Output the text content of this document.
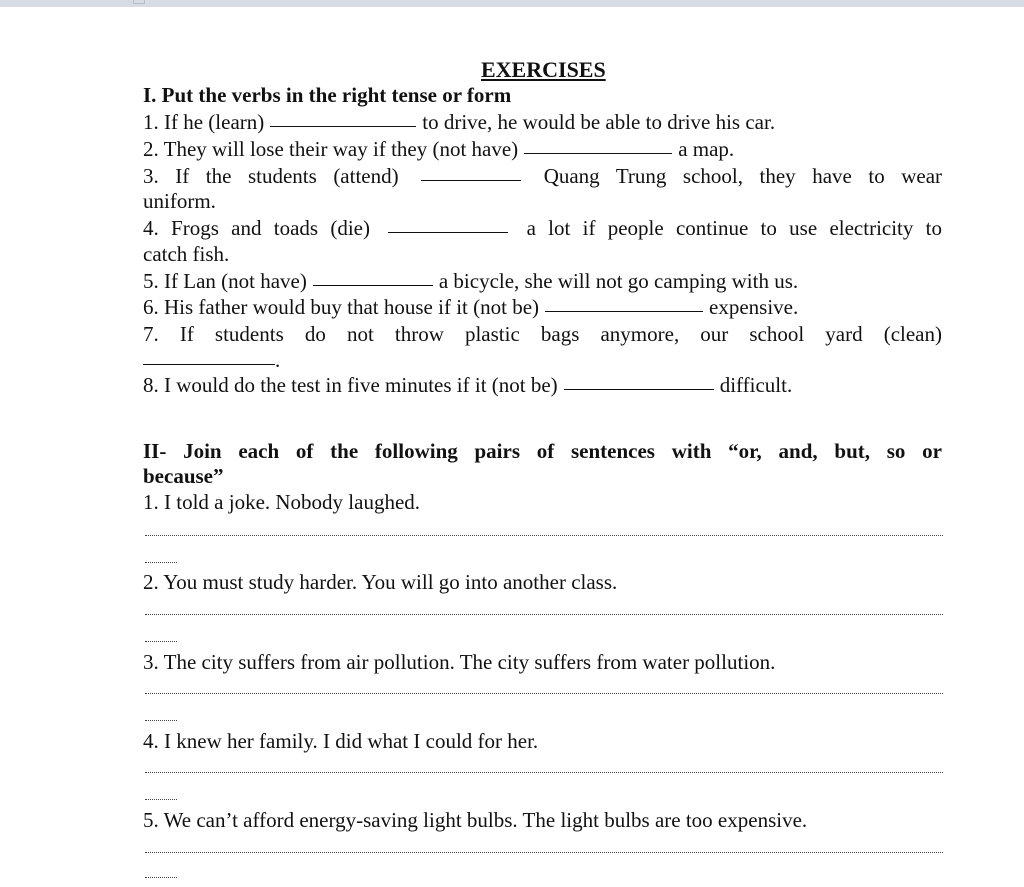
EXERCISES
I. Put the verbs in the right tense or form
1. If he (learn)	to drive, he would be able to drive his car.
2. They will lose their way if they (not have)	a map.
3. If the students (attend)	Quang Trung school, they have to wear
uniform.
4. Frogs and toads (die)	a lot if people continue to use electricity to
catch fish.
5. If Lan (not have)	a bicycle, she will not go camping with us.
6. His father would buy that house if it (not be)	expensive.
7. If students do not throw plastic bags anymore, our school yard (clean)
.
8. I would do the test in five minutes if it (not be)	difficult.
II- Join each of the following pairs of sentences with “or, and, but, so or
because”
1. I told a joke. Nobody laughed.
2. You must study harder. You will go into another class.
3. The city suffers from air pollution. The city suffers from water pollution.
4. I knew her family. I did what I could for her.
5. We can’t afford energy-saving light bulbs. The light bulbs are too expensive.
